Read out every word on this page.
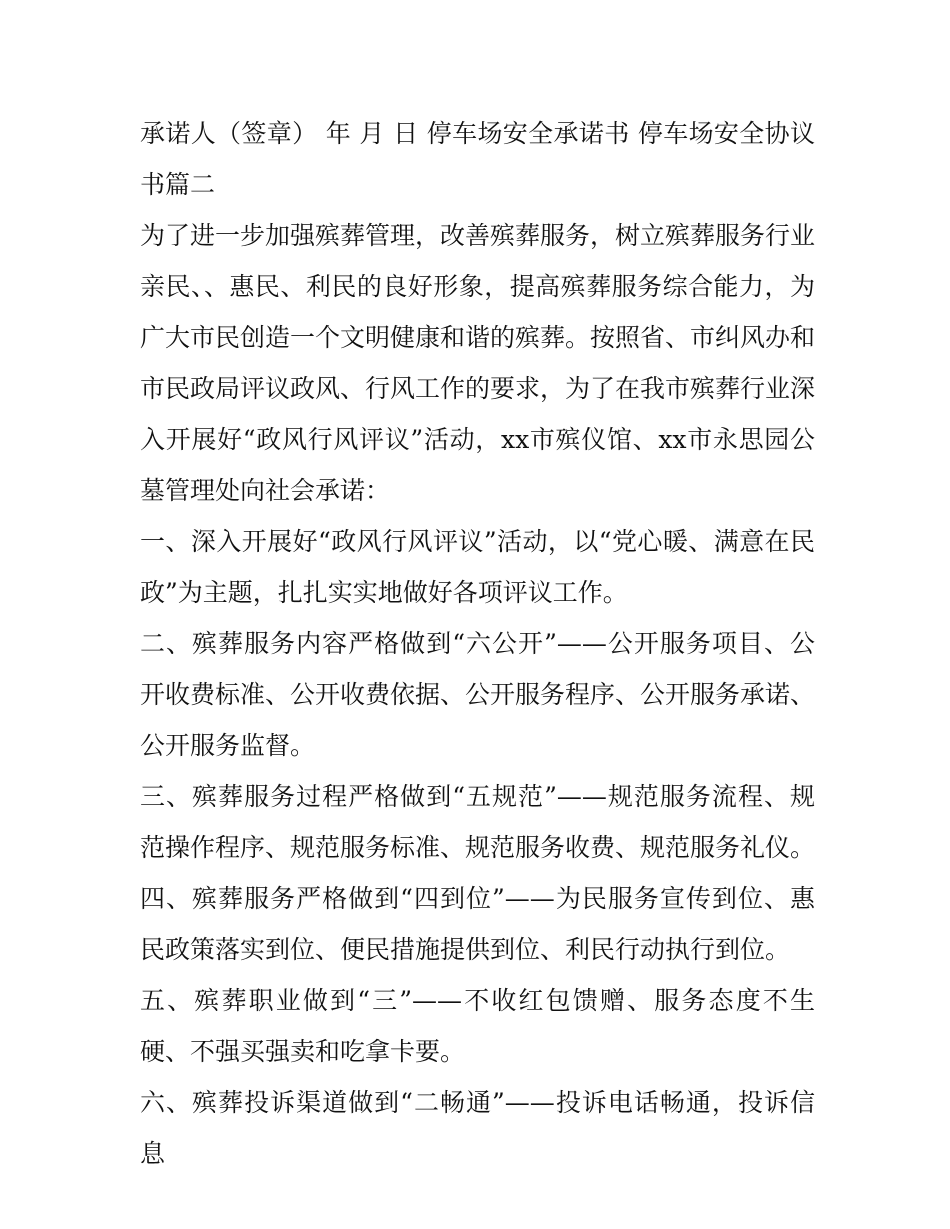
承诺人（签章） 年 月 日 停车场安全承诺书 停车场安全协议书篇二

为了进一步加强殡葬管理，改善殡葬服务，树立殡葬服务行业亲民、、惠民、利民的良好形象，提高殡葬服务综合能力，为广大市民创造一个文明健康和谐的殡葬。按照省、市纠风办和市民政局评议政风、行风工作的要求，为了在我市殡葬行业深入开展好“政风行风评议”活动，xx市殡仪馆、xx市永思园公墓管理处向社会承诺：

一、深入开展好“政风行风评议”活动，以“党心暖、满意在民政”为主题，扎扎实实地做好各项评议工作。

二、殡葬服务内容严格做到“六公开”——公开服务项目、公开收费标准、公开收费依据、公开服务程序、公开服务承诺、公开服务监督。

三、殡葬服务过程严格做到“五规范”——规范服务流程、规范操作程序、规范服务标准、规范服务收费、规范服务礼仪。

四、殡葬服务严格做到“四到位”——为民服务宣传到位、惠民政策落实到位、便民措施提供到位、利民行动执行到位。

五、殡葬职业做到“三”——不收红包馈赠、服务态度不生硬、不强买强卖和吃拿卡要。

六、殡葬投诉渠道做到“二畅通”——投诉电话畅通，投诉信息
